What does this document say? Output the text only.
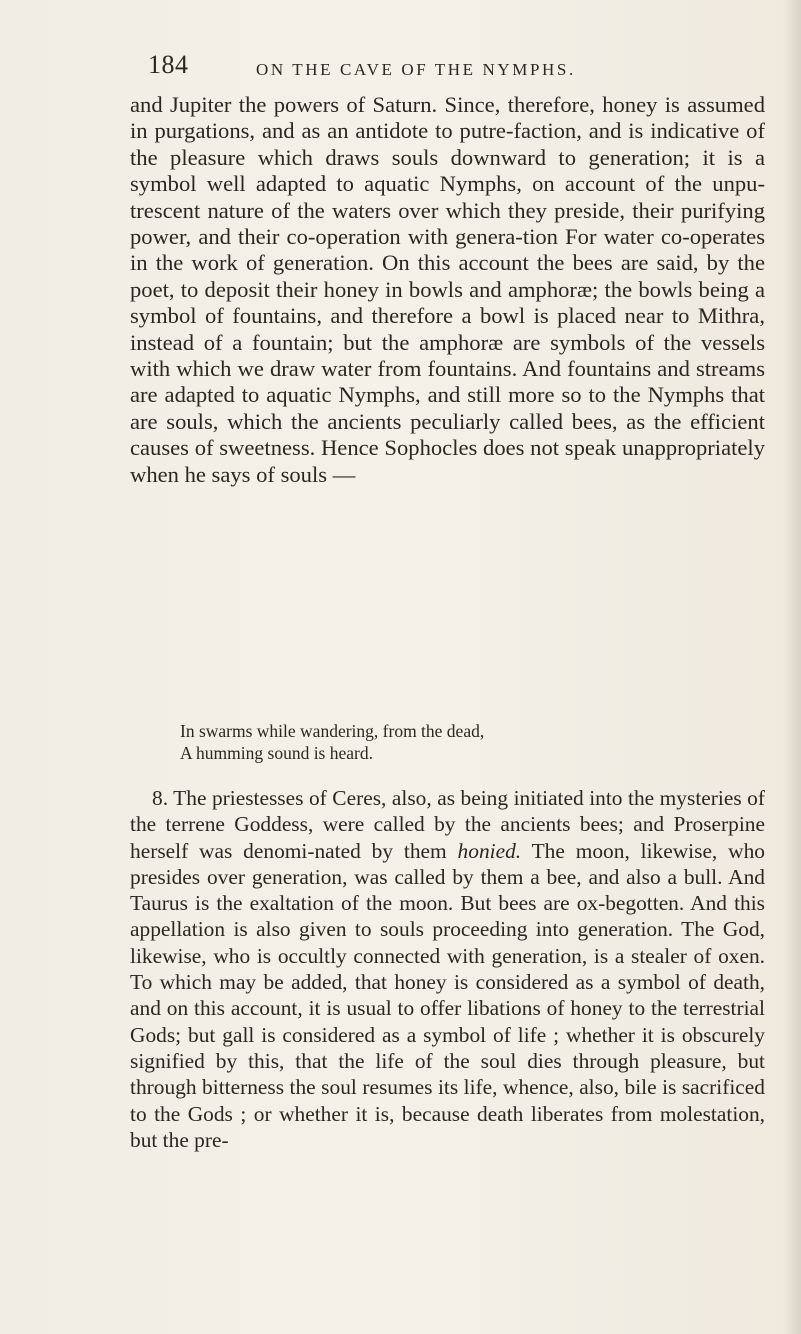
184	ON THE CAVE OF THE NYMPHS.

and Jupiter the powers of Saturn. Since, therefore, honey is assumed in purgations, and as an antidote to putre-faction, and is indicative of the pleasure which draws souls downward to generation; it is a symbol well adapted to aquatic Nymphs, on account of the unpu-trescent nature of the waters over which they preside, their purifying power, and their co-operation with genera-tion For water co-operates in the work of generation. On this account the bees are said, by the poet, to deposit their honey in bowls and amphoræ; the bowls being a symbol of fountains, and therefore a bowl is placed near to Mithra, instead of a fountain; but the amphoræ are symbols of the vessels with which we draw water from fountains. And fountains and streams are adapted to aquatic Nymphs, and still more so to the Nymphs that are souls, which the ancients peculiarly called bees, as the efficient causes of sweetness. Hence Sophocles does not speak unappropriately when he says of souls —

In swarms while wandering, from the dead,
A humming sound is heard.

8. The priestesses of Ceres, also, as being initiated into the mysteries of the terrene Goddess, were called by the ancients bees; and Proserpine herself was denomi-nated by them honied. The moon, likewise, who presides over generation, was called by them a bee, and also a bull. And Taurus is the exaltation of the moon. But bees are ox-begotten. And this appellation is also given to souls proceeding into generation. The God, likewise, who is occultly connected with generation, is a stealer of oxen. To which may be added, that honey is considered as a symbol of death, and on this account, it is usual to offer libations of honey to the terrestrial Gods; but gall is considered as a symbol of life ; whether it is obscurely signified by this, that the life of the soul dies through pleasure, but through bitterness the soul resumes its life, whence, also, bile is sacrificed to the Gods ; or whether it is, because death liberates from molestation, but the pre-
